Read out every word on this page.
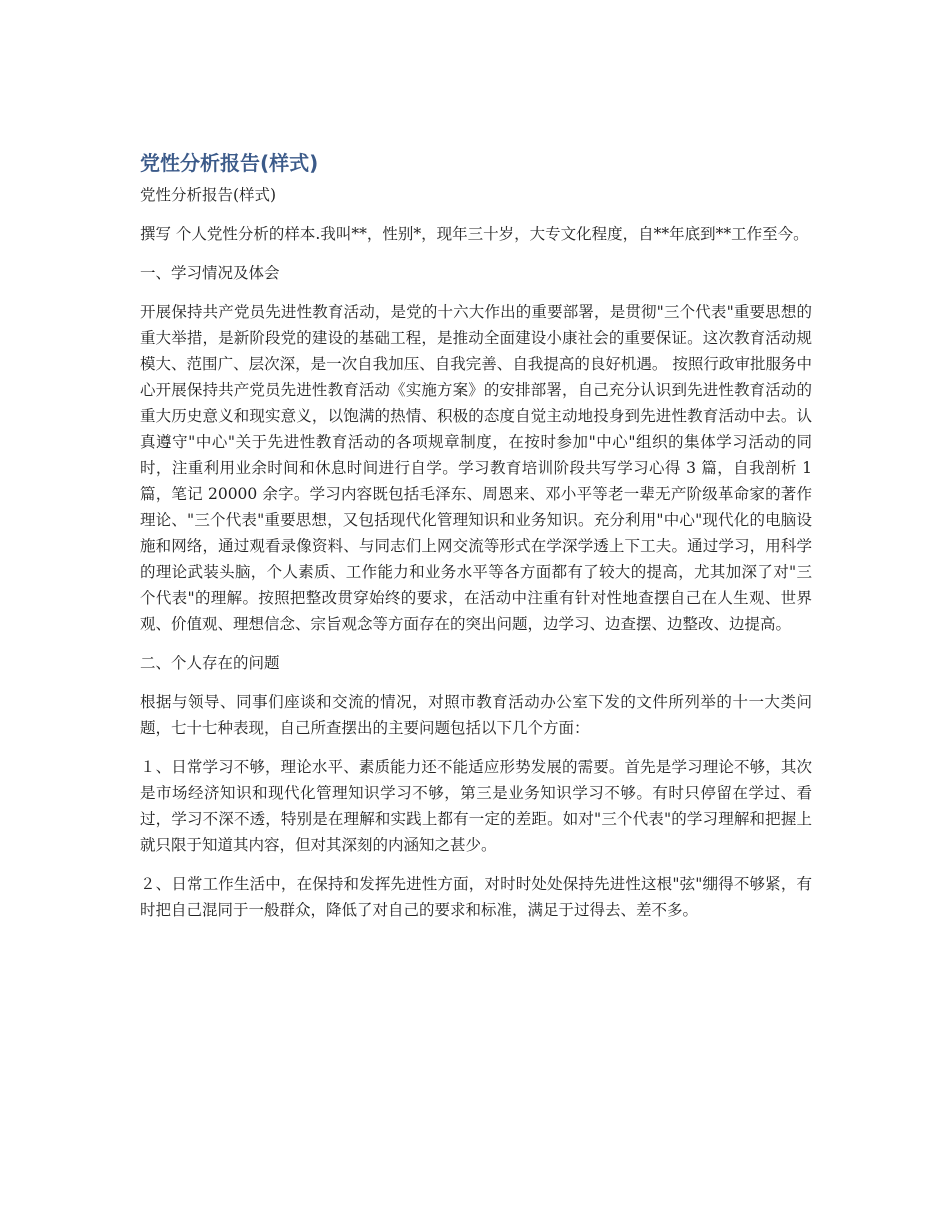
党性分析报告(样式)
党性分析报告(样式)

撰写 个人党性分析的样本.我叫**，性别*，现年三十岁，大专文化程度，自**年底到**工作至今。

一、学习情况及体会

开展保持共产党员先进性教育活动，是党的十六大作出的重要部署，是贯彻"三个代表"重要思想的重大举措，是新阶段党的建设的基础工程，是推动全面建设小康社会的重要保证。这次教育活动规模大、范围广、层次深，是一次自我加压、自我完善、自我提高的良好机遇。 按照行政审批服务中心开展保持共产党员先进性教育活动《实施方案》的安排部署，自己充分认识到先进性教育活动的重大历史意义和现实意义，以饱满的热情、积极的态度自觉主动地投身到先进性教育活动中去。认真遵守"中心"关于先进性教育活动的各项规章制度，在按时参加"中心"组织的集体学习活动的同时，注重利用业余时间和休息时间进行自学。学习教育培训阶段共写学习心得 3 篇，自我剖析 1 篇，笔记 20000 余字。学习内容既包括毛泽东、周恩来、邓小平等老一辈无产阶级革命家的著作理论、"三个代表"重要思想，又包括现代化管理知识和业务知识。充分利用"中心"现代化的电脑设施和网络，通过观看录像资料、与同志们上网交流等形式在学深学透上下工夫。通过学习，用科学的理论武装头脑，个人素质、工作能力和业务水平等各方面都有了较大的提高，尤其加深了对"三个代表"的理解。按照把整改贯穿始终的要求，在活动中注重有针对性地查摆自己在人生观、世界观、价值观、理想信念、宗旨观念等方面存在的突出问题，边学习、边查摆、边整改、边提高。

二、个人存在的问题

根据与领导、同事们座谈和交流的情况，对照市教育活动办公室下发的文件所列举的十一大类问题，七十七种表现，自己所查摆出的主要问题包括以下几个方面：

１、日常学习不够，理论水平、素质能力还不能适应形势发展的需要。首先是学习理论不够，其次是市场经济知识和现代化管理知识学习不够，第三是业务知识学习不够。有时只停留在学过、看过，学习不深不透，特别是在理解和实践上都有一定的差距。如对"三个代表"的学习理解和把握上就只限于知道其内容，但对其深刻的内涵知之甚少。

２、日常工作生活中，在保持和发挥先进性方面，对时时处处保持先进性这根"弦"绷得不够紧，有时把自己混同于一般群众，降低了对自己的要求和标准，满足于过得去、差不多。
